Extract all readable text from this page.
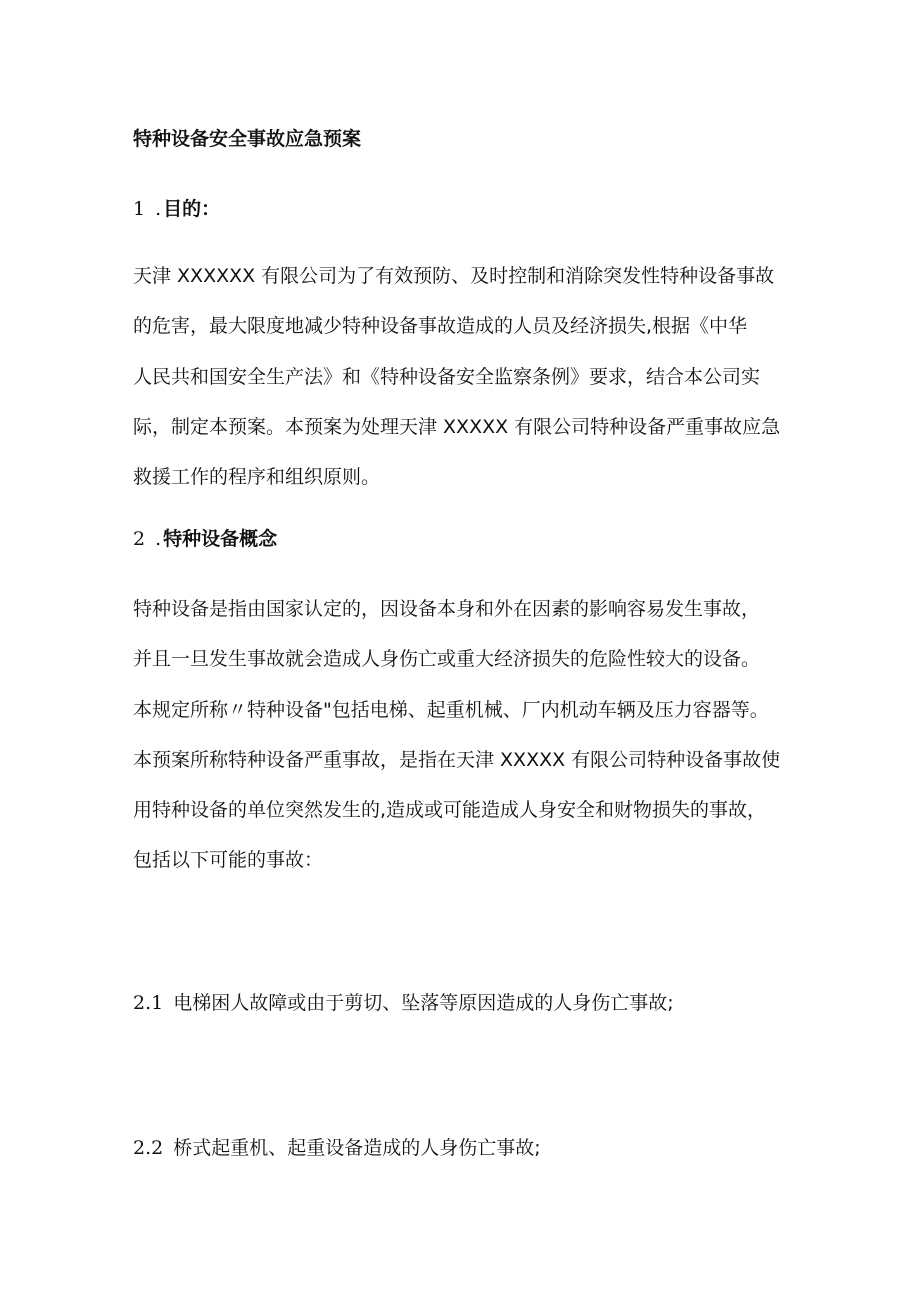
特种设备安全事故应急预案
1 .目的：
天津 XXXXXX 有限公司为了有效预防、及时控制和消除突发性特种设备事故
的危害，最大限度地减少特种设备事故造成的人员及经济损失,根据《中华
人民共和国安全生产法》和《特种设备安全监察条例》要求，结合本公司实
际，制定本预案。本预案为处理天津 XXXXX 有限公司特种设备严重事故应急
救援工作的程序和组织原则。
2 .特种设备概念
特种设备是指由国家认定的，因设备本身和外在因素的影响容易发生事故，
并且一旦发生事故就会造成人身伤亡或重大经济损失的危险性较大的设备。
本规定所称〃特种设备"包括电梯、起重机械、厂内机动车辆及压力容器等。
本预案所称特种设备严重事故，是指在天津 XXXXX 有限公司特种设备事故使
用特种设备的单位突然发生的,造成或可能造成人身安全和财物损失的事故，
包括以下可能的事故：
2.1 电梯困人故障或由于剪切、坠落等原因造成的人身伤亡事故;
2.2 桥式起重机、起重设备造成的人身伤亡事故;
